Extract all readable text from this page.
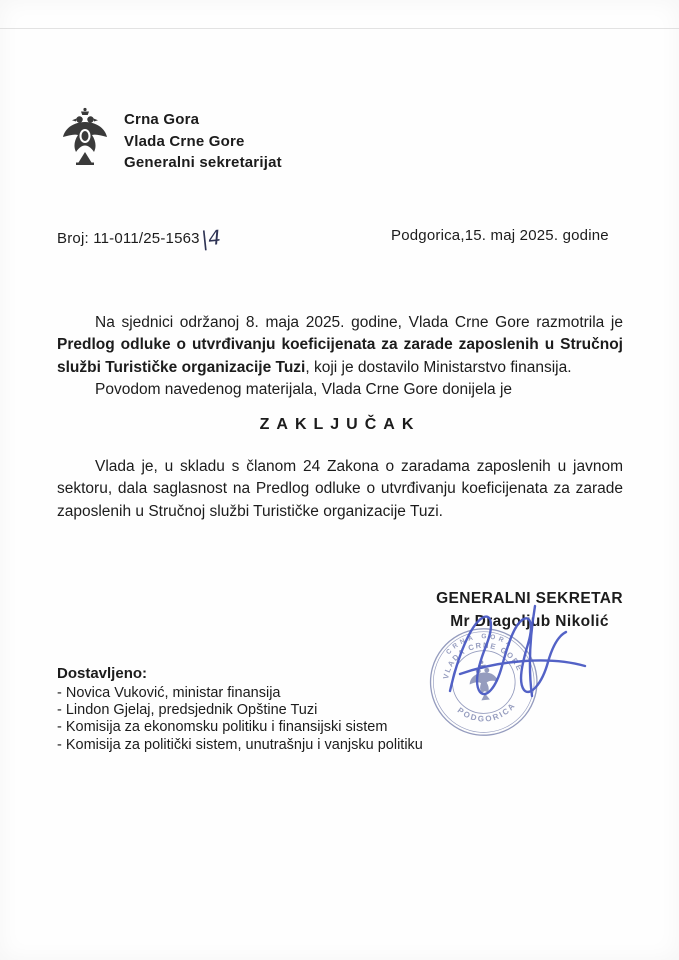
Crna Gora
Vlada Crne Gore
Generalni sekretarijat
Broj: 11-011/25-1563|4	Podgorica,15. maj 2025. godine

Na sjednici održanoj 8. maja 2025. godine, Vlada Crne Gore razmotrila je Predlog odluke o utvrđivanju koeficijenata za zarade zaposlenih u Stručnoj službi Turističke organizacije Tuzi, koji je dostavilo Ministarstvo finansija.

Povodom navedenog materijala, Vlada Crne Gore donijela je

ZAKLJUČAK

Vlada je, u skladu s članom 24 Zakona o zaradama zaposlenih u javnom sektoru, dala saglasnost na Predlog odluke o utvrđivanju koeficijenata za zarade zaposlenih u Stručnoj službi Turističke organizacije Tuzi.

GENERALNI SEKRETAR
Mr Dragoljub Nikolić
CRNA GORA
VLADA CRNE GORE
PODGORICA
Dostavljeno:
- Novica Vuković, ministar finansija
- Lindon Gjelaj, predsjednik Opštine Tuzi
- Komisija za ekonomsku politiku i finansijski sistem
- Komisija za politički sistem, unutrašnju i vanjsku politiku
